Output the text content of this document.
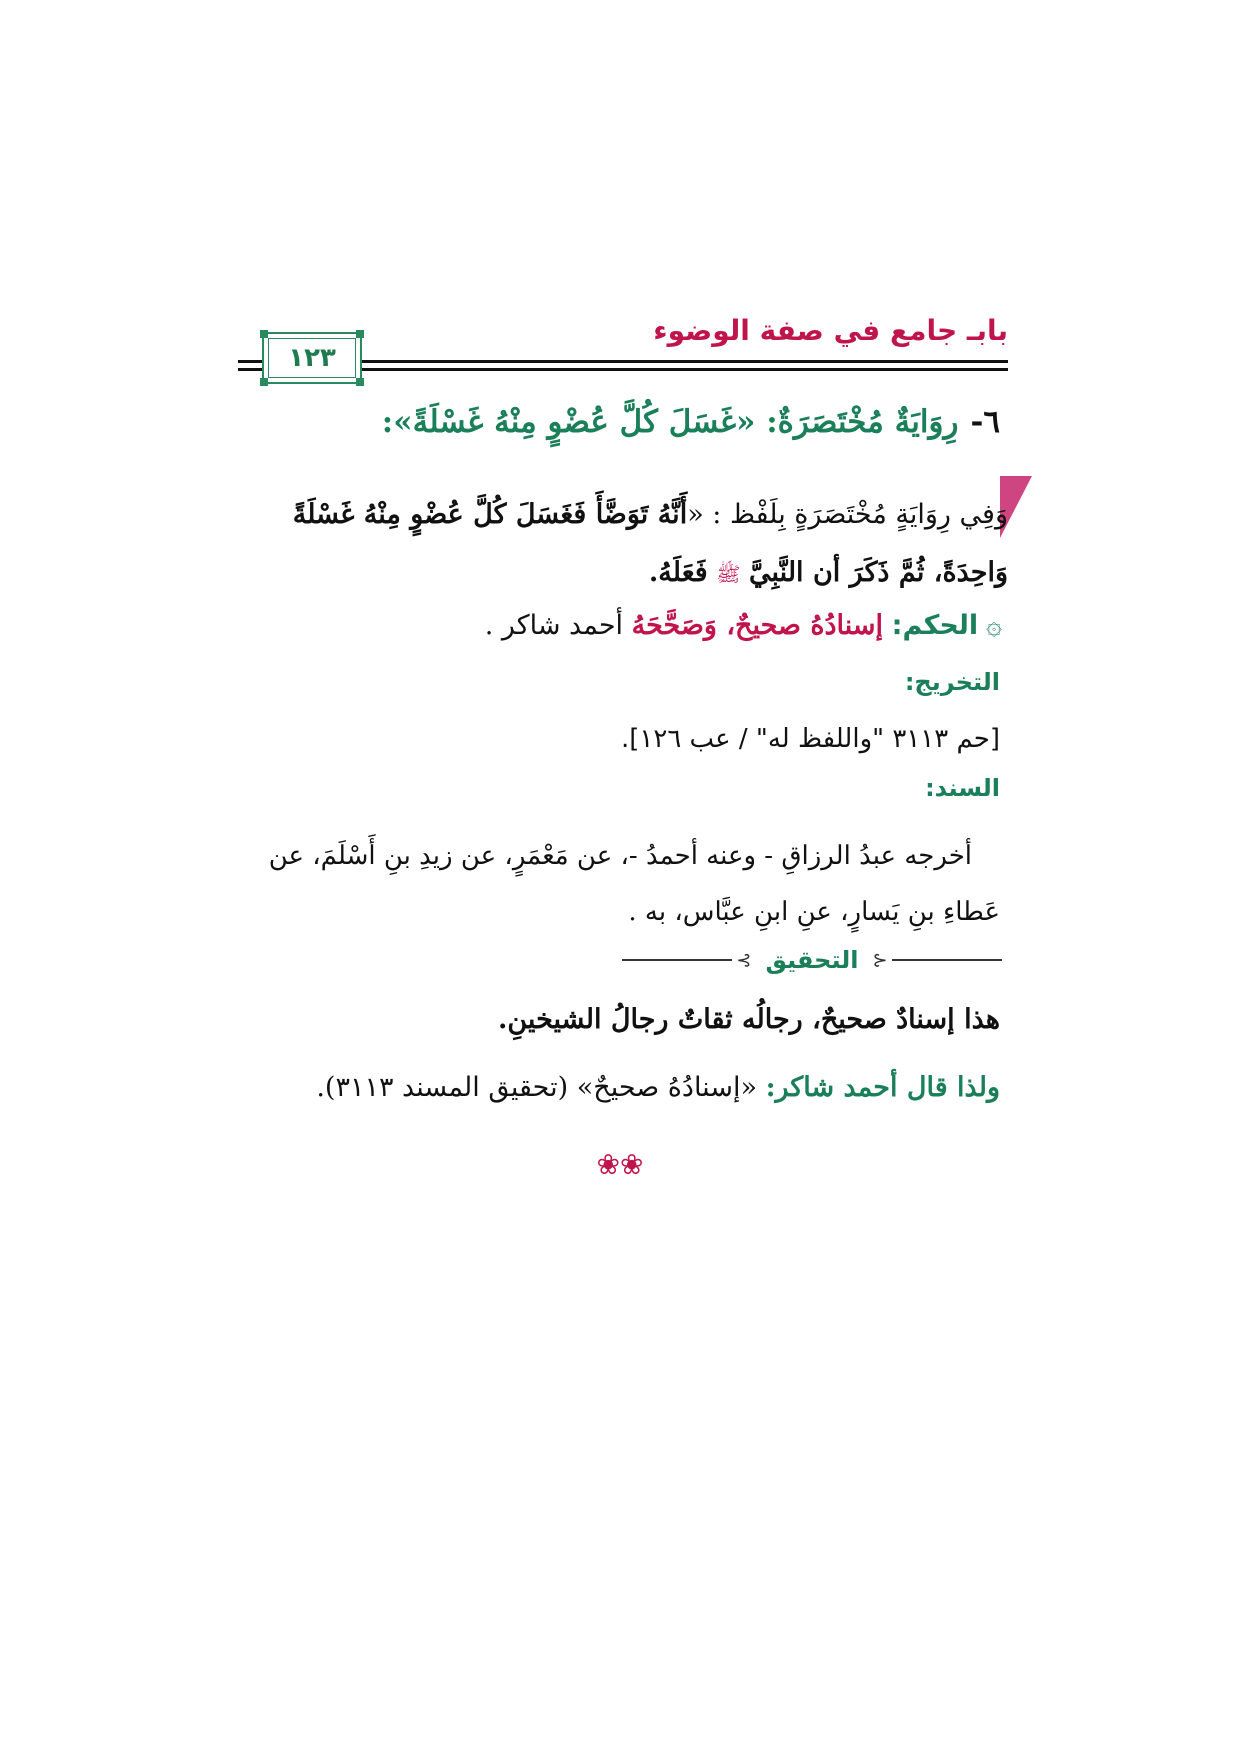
بابـ جامع في صفة الوضوء
١٢٣
٦-رِوَايَةٌ مُخْتَصَرَةٌ: «غَسَلَ كُلَّ عُضْوٍ مِنْهُ غَسْلَةً»:
وَفِي رِوَايَةٍ مُخْتَصَرَةٍ بِلَفْظ : «أَنَّهُ تَوَضَّأَ فَغَسَلَ كُلَّ عُضْوٍ مِنْهُ غَسْلَةً وَاحِدَةً، ثُمَّ ذَكَرَ أن النَّبِيَّ ﷺ فَعَلَهُ.
۞الحكم: إسنادُهُ صحيحٌ، وَصَحَّحَهُ أحمد شاكر .
التخريج:
[حم ٣١١٣ "واللفظ له" / عب ١٢٦].
السند:
أخرجه عبدُ الرزاقِ - وعنه أحمدُ -، عن مَعْمَرٍ، عن زيدِ بنِ أَسْلَمَ، عن عَطاءِ بنِ يَسارٍ، عنِ ابنِ عبَّاس، به .
⊰
التحقيق
⊱
هذا إسنادٌ صحيحٌ، رجالُه ثقاتٌ رجالُ الشيخينِ.
ولذا قال أحمد شاكر: «إسنادُهُ صحيحٌ» (تحقيق المسند ٣١١٣).
❀❀
